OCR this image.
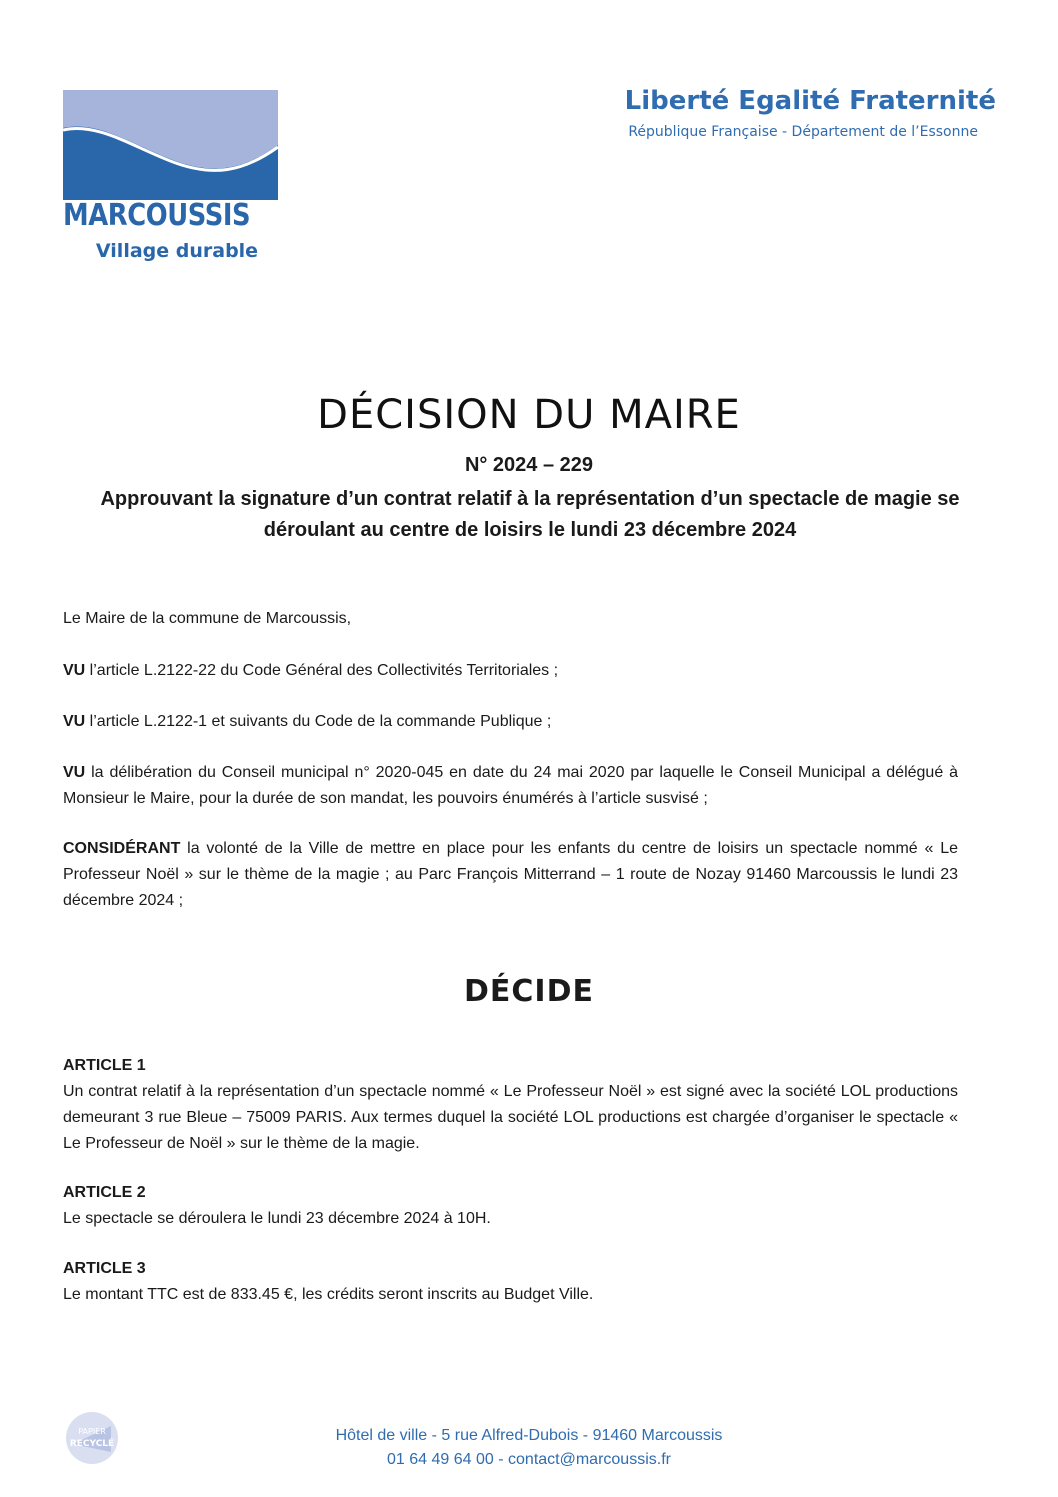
MARCOUSSIS
Village durable
Liberté Egalité Fraternité
République Française - Département de l’Essonne
DÉCISION DU MAIRE
N° 2024 – 229
Approuvant la signature d’un contrat relatif à la représentation d’un spectacle de magie se déroulant au centre de loisirs le lundi 23 décembre 2024
Le Maire de la commune de Marcoussis,
VU l’article L.2122-22 du Code Général des Collectivités Territoriales ;
VU l’article L.2122-1 et suivants du Code de la commande Publique ;
VU la délibération du Conseil municipal n° 2020-045 en date du 24 mai 2020 par laquelle le Conseil Municipal a délégué à Monsieur le Maire, pour la durée de son mandat, les pouvoirs énumérés à l’article susvisé ;
CONSIDÉRANT la volonté de la Ville de mettre en place pour les enfants du centre de loisirs un spectacle nommé « Le Professeur Noël » sur le thème de la magie ; au Parc François Mitterrand – 1 route de Nozay 91460 Marcoussis le lundi 23 décembre 2024 ;
DÉCIDE
ARTICLE 1
Un contrat relatif à la représentation d’un spectacle nommé « Le Professeur Noël » est signé avec la société LOL productions demeurant 3 rue Bleue – 75009 PARIS. Aux termes duquel la société LOL productions est chargée d’organiser le spectacle « Le Professeur de Noël » sur le thème de la magie.
ARTICLE 2
Le spectacle se déroulera le lundi 23 décembre 2024 à 10H.
ARTICLE 3
Le montant TTC est de 833.45 €, les crédits seront inscrits au Budget Ville.
PAPIER
RECYCLÉ	Hôtel de ville - 5 rue Alfred-Dubois - 91460 Marcoussis
01 64 49 64 00 - contact@marcoussis.fr
